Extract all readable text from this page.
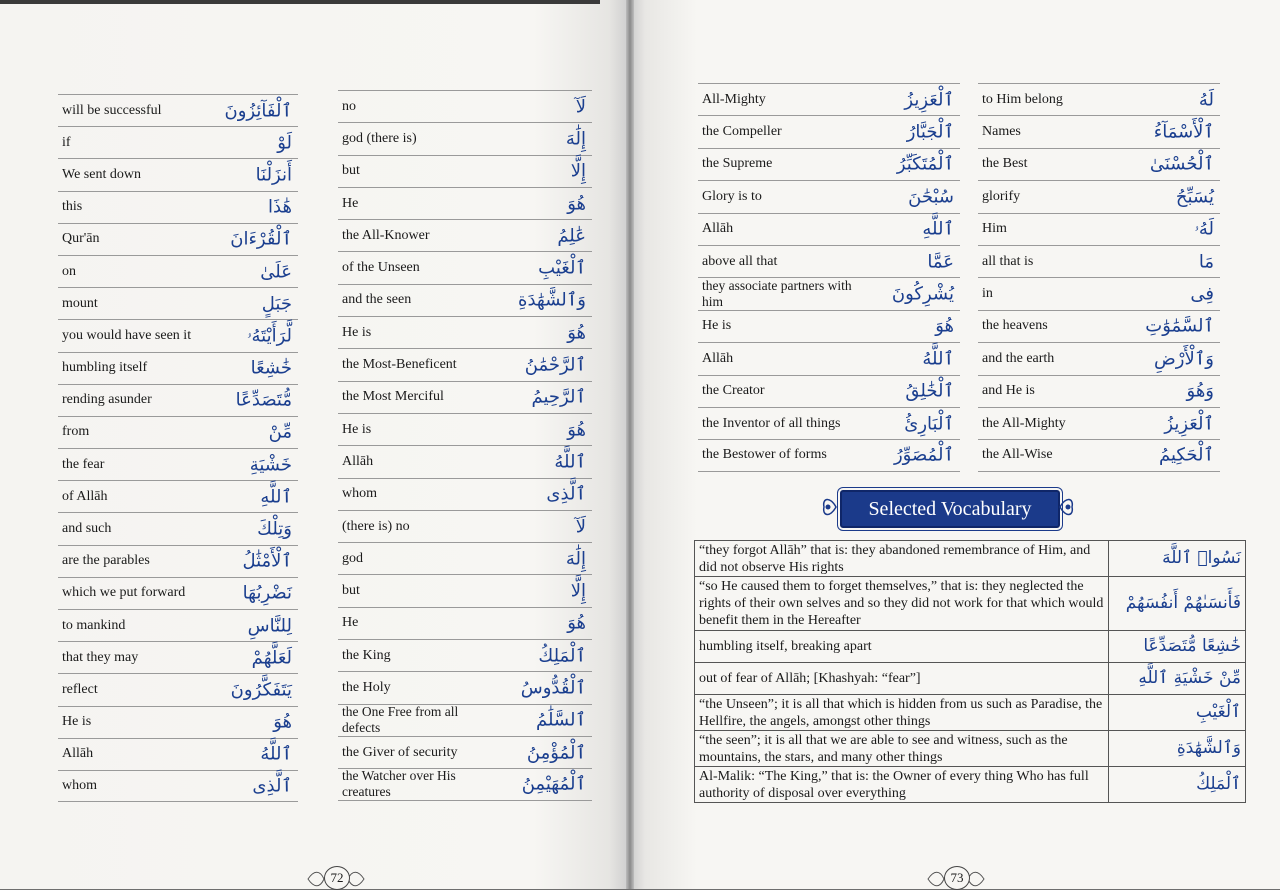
will be successful	ٱلْفَآئِزُونَ
if	لَوْ
We sent down	أَنزَلْنَا
this	هَٰذَا
Qur'ān	ٱلْقُرْءَانَ
on	عَلَىٰ
mount	جَبَلٍ
you would have seen it	لَّرَأَيْتَهُۥ
humbling itself	خَٰشِعًا
rending asunder	مُّتَصَدِّعًا
from	مِّنْ
the fear	خَشْيَةِ
of Allāh	ٱللَّهِ
and such	وَتِلْكَ
are the parables	ٱلْأَمْثَٰلُ
which we put forward	نَضْرِبُهَا
to mankind	لِلنَّاسِ
that they may	لَعَلَّهُمْ
reflect	يَتَفَكَّرُونَ
He is	هُوَ
Allāh	ٱللَّهُ
whom	ٱلَّذِى
no	لَآ
god (there is)	إِلَٰهَ
but	إِلَّا
He	هُوَ
the All-Knower	عَٰلِمُ
of the Unseen	ٱلْغَيْبِ
and the seen	وَٱلشَّهَٰدَةِ
He is	هُوَ
the Most-Beneficent	ٱلرَّحْمَٰنُ
the Most Merciful	ٱلرَّحِيمُ
He is	هُوَ
Allāh	ٱللَّهُ
whom	ٱلَّذِى
(there is) no	لَآ
god	إِلَٰهَ
but	إِلَّا
He	هُوَ
the King	ٱلْمَلِكُ
the Holy	ٱلْقُدُّوسُ
the One Free from all defects	ٱلسَّلَٰمُ
the Giver of security	ٱلْمُؤْمِنُ
the Watcher over His creatures	ٱلْمُهَيْمِنُ
All-Mighty	ٱلْعَزِيزُ
the Compeller	ٱلْجَبَّارُ
the Supreme	ٱلْمُتَكَبِّرُ
Glory is to	سُبْحَٰنَ
Allāh	ٱللَّهِ
above all that	عَمَّا
they associate partners with him	يُشْرِكُونَ
He is	هُوَ
Allāh	ٱللَّهُ
the Creator	ٱلْخَٰلِقُ
the Inventor of all things	ٱلْبَارِئُ
the Bestower of forms	ٱلْمُصَوِّرُ
to Him belong	لَهُ
Names	ٱلْأَسْمَآءُ
the Best	ٱلْحُسْنَىٰ
glorify	يُسَبِّحُ
Him	لَهُۥ
all that is	مَا
in	فِى
the heavens	ٱلسَّمَٰوَٰتِ
and the earth	وَٱلْأَرْضِ
and He is	وَهُوَ
the All-Mighty	ٱلْعَزِيزُ
the All-Wise	ٱلْحَكِيمُ
Selected Vocabulary
“they forgot Allāh” that is: they abandoned remembrance of Him, and did not observe His rights	نَسُوا۟ ٱللَّهَ
“so He caused them to forget themselves,” that is: they neglected the rights of their own selves and so they did not work for that which would benefit them in the Hereafter	فَأَنسَىٰهُمْ أَنفُسَهُمْ
humbling itself, breaking apart	خَٰشِعًا مُّتَصَدِّعًا
out of fear of Allāh; [Khashyah: “fear”]	مِّنْ خَشْيَةِ ٱللَّهِ
“the Unseen”; it is all that which is hidden from us such as Paradise, the Hellfire, the angels, amongst other things	ٱلْغَيْبِ
“the seen”; it is all that we are able to see and witness, such as the mountains, the stars, and many other things	وَٱلشَّهَٰدَةِ
Al-Malik: “The King,” that is: the Owner of every thing Who has full authority of disposal over everything	ٱلْمَلِكُ
72	73
